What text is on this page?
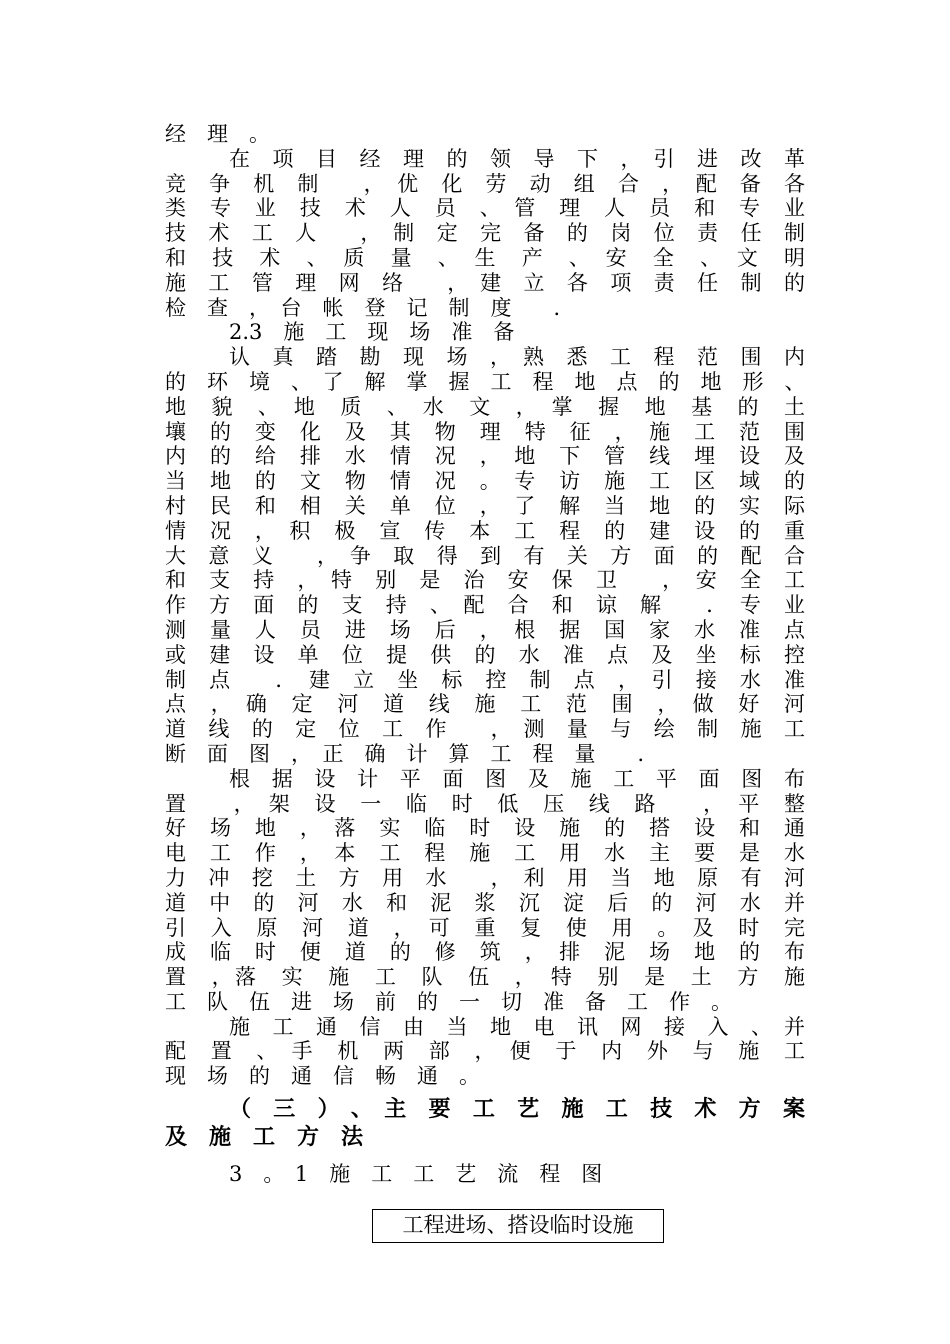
经　理　。
在　项　目　经　理　的　领　导　下　，　引　进　改　革
竞　争　机　制　　，　优　化　劳　动　组　合　，　配　备　各
类　专　业　技　术　人　员　、　管　理　人　员　和　专　业
技　术　工　人　　，　制　定　完　备　的　岗　位　责　任　制
和　技　术　、　质　量　、　生　产　、　安　全　、　文　明
施　工　管　理　网　络　　，　建　立　各　项　责　任　制　的
检　查　，　台　帐　登　记　制　度　　．
2.3　施　工　现　场　准　备
认　真　踏　勘　现　场　，　熟　悉　工　程　范　围　内
的　环　境　、　了　解　掌　握　工　程　地　点　的　地　形　、
地　貌　、　地　质　、　水　文　，　掌　握　地　基　的　土
壤　的　变　化　及　其　物　理　特　征　，　施　工　范　围
内　的　给　排　水　情　况　，　地　下　管　线　埋　设　及
当　地　的　文　物　情　况　。　专　访　施　工　区　域　的
村　民　和　相　关　单　位　，　了　解　当　地　的　实　际
情　况　，　积　极　宣　传　本　工　程　的　建　设　的　重
大　意　义　　，　争　取　得　到　有　关　方　面　的　配　合
和　支　持　，　特　别　是　治　安　保　卫　　，　安　全　工
作　方　面　的　支　持　、　配　合　和　谅　解　　．　专　业
测　量　人　员　进　场　后　，　根　据　国　家　水　准　点
或　建　设　单　位　提　供　的　水　准　点　及　坐　标　控
制　点　　．　建　立　坐　标　控　制　点　，　引　接　水　准
点　，　确　定　河　道　线　施　工　范　围　，　做　好　河
道　线　的　定　位　工　作　　，　测　量　与　绘　制　施　工
断　面　图　，　正　确　计　算　工　程　量　　．
根　据　设　计　平　面　图　及　施　工　平　面　图　布
置　　，　架　设　一　临　时　低　压　线　路　　，　平　整
好　场　地　，　落　实　临　时　设　施　的　搭　设　和　通
电　工　作　，　本　工　程　施　工　用　水　主　要　是　水
力　冲　挖　土　方　用　水　　，　利　用　当　地　原　有　河
道　中　的　河　水　和　泥　浆　沉　淀　后　的　河　水　并
引　入　原　河　道　，　可　重　复　使　用　。　及　时　完
成　临　时　便　道　的　修　筑　，　排　泥　场　地　的　布
置　，落　实　施　工　队　伍　，　特　别　是　土　方　施
工　队　伍　进　场　前　的　一　切　准　备　工　作　。
施　工　通　信　由　当　地　电　讯　网　接　入　、　并
配　置　、　手　机　两　部　，　便　于　内　外　与　施　工
现　场　的　通　信　畅　通　。
（　三　）　、　主　要　工　艺　施　工　技　术　方　案
及　施　工　方　法
3　。　1　施　工　工　艺　流　程　图
工程进场、搭设临时设施
